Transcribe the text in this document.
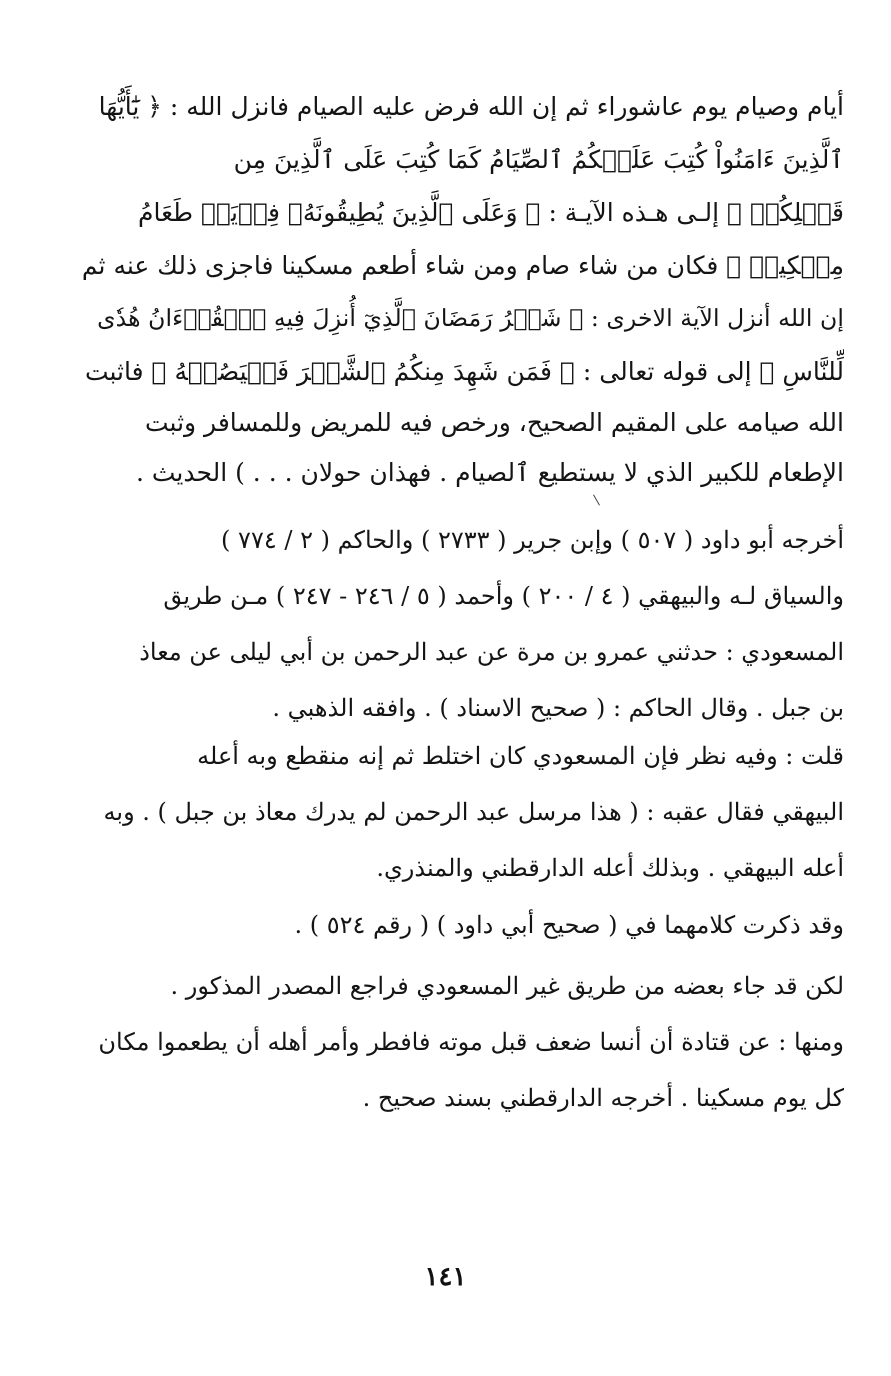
أيام وصيام يوم عاشوراء ثم إن الله فرض عليه الصيام فانزل الله : ﴿ يَٰٓأَيُّهَا
ٱلَّذِينَ ءَامَنُواْ كُتِبَ عَلَيۡكُمُ ٱلصِّيَامُ كَمَا كُتِبَ عَلَى ٱلَّذِينَ مِن
قَبۡلِكُمۡ ﴾ إلـى هـذه الآيـة : ﴿ وَعَلَى ٱلَّذِينَ يُطِيقُونَهُۥ فِدۡيَةٞ طَعَامُ
مِسۡكِينٖ ﴾ فكان من شاء صام ومن شاء أطعم مسكينا فاجزى ذلك عنه ثم
إن الله أنزل الآية الاخرى : ﴿ شَهۡرُ رَمَضَانَ ٱلَّذِيٓ أُنزِلَ فِيهِ ٱلۡقُرۡءَانُ هُدٗى
لِّلنَّاسِ ﴾ إلى قوله تعالى : ﴿ فَمَن شَهِدَ مِنكُمُ ٱلشَّهۡرَ فَلۡيَصُمۡهُ ﴾ فاثبت
الله صيامه على المقيم الصحيح، ورخص فيه للمريض وللمسافر وثبت
الإطعام للكبير الذي لا يستطيع ٱلصيام . فهذان حولان . . . ) الحديث .
أخرجه أبو داود ( ٥٠٧ ) وإبن جرير ( ٢٧٣٣ ) والحاكم ( ٢ / ٧٧٤ )
والسياق لـه والبيهقي ( ٤ / ٢٠٠ ) وأحمد ( ٥ / ٢٤٦ - ٢٤٧ ) مـن طريق
المسعودي : حدثني عمرو بن مرة عن عبد الرحمن بن أبي ليلى عن معاذ
بن جبل . وقال الحاكم : ( صحيح الاسناد ) . وافقه الذهبي .
قلت : وفيه نظر فإن المسعودي كان اختلط ثم إنه منقطع وبه أعله
البيهقي فقال عقبه : ( هذا مرسل عبد الرحمن لم يدرك معاذ بن جبل ) . وبه
أعله البيهقي . وبذلك أعله الدارقطني والمنذري.
وقد ذكرت كلامهما في ( صحيح أبي داود ) ( رقم ٥٢٤ ) .
لكن قد جاء بعضه من طريق غير المسعودي فراجع المصدر المذكور .
ومنها : عن قتادة أن أنسا ضعف قبل موته فافطر وأمر أهله أن يطعموا مكان
كل يوم مسكينا . أخرجه الدارقطني بسند صحيح .
١٤١
